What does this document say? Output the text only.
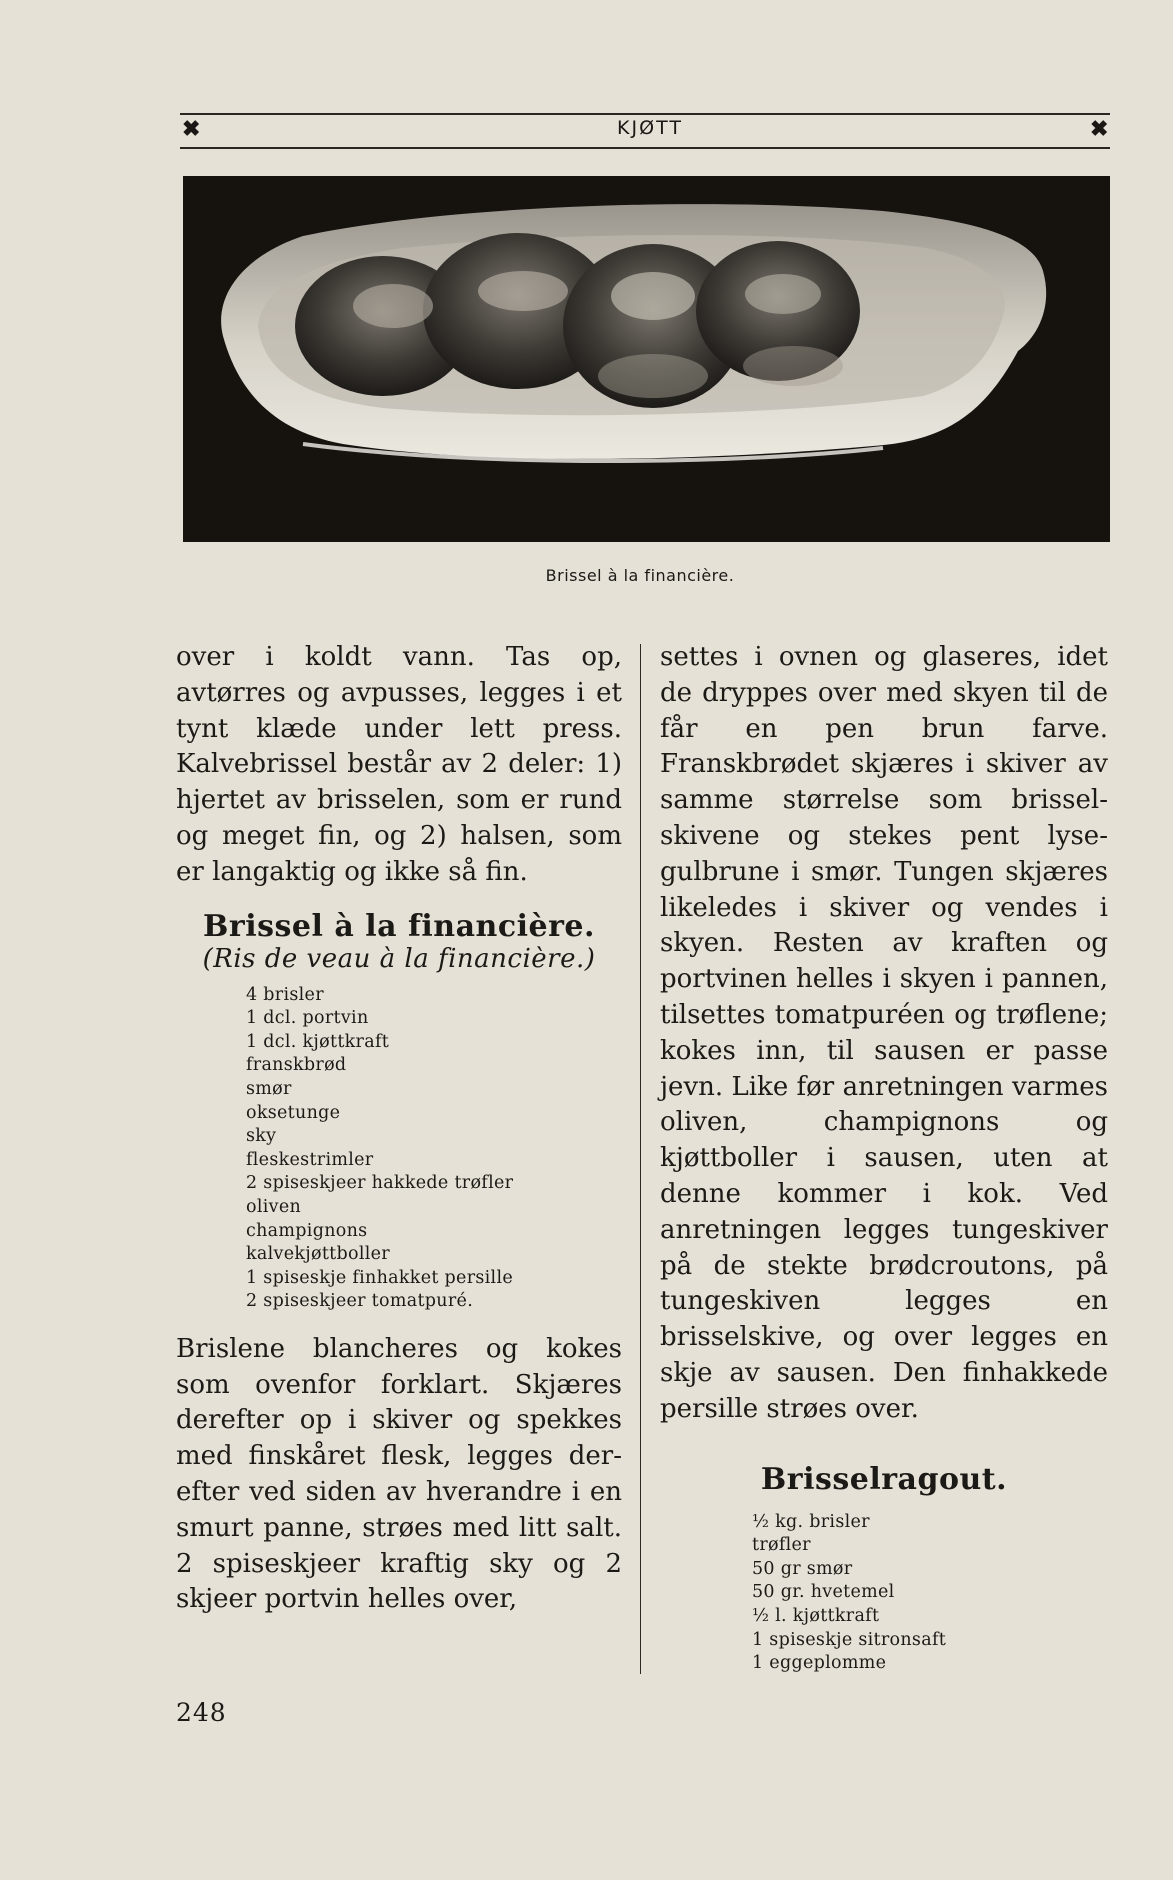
✖	KJØTT	✖
Brissel à la financière.

over i koldt vann. Tas op, avtørres og avpusses, legges i et tynt klæde under lett press. Kalvebrissel består av 2 deler: 1) hjertet av brisselen, som er rund og meget fin, og 2) halsen, som er langaktig og ikke så fin.

Brissel à la financière.

(Ris de veau à la financière.)

4 brisler
1 dcl. portvin
1 dcl. kjøttkraft
franskbrød
smør
oksetunge
sky
fleskestrimler
2 spiseskjeer hakkede trøfler
oliven
champignons
kalvekjøttboller
1 spiseskje finhakket persille
2 spiseskjeer tomatpuré.

Brislene blancheres og kokes som ovenfor forklart. Skjæres derefter op i skiver og spekkes med finskåret flesk, legges derefter ved siden av hverandre i en smurt panne, strøes med litt salt. 2 spiseskjeer kraftig sky og 2 skjeer portvin helles over,

settes i ovnen og glaseres, idet de dryppes over med skyen til de får en pen brun farve. Franskbrødet skjæres i skiver av samme størrelse som brisselskivene og stekes pent lysegulbrune i smør. Tungen skjæres likeledes i skiver og vendes i skyen. Resten av kraften og portvinen helles i skyen i pannen, tilsettes tomatpuréen og trøflene; kokes inn, til sausen er passe jevn. Like før anretningen varmes oliven, champignons og kjøttboller i sausen, uten at denne kommer i kok. Ved anretningen legges tungeskiver på de stekte brødcroutons, på tungeskiven legges en brisselskive, og over legges en skje av sausen. Den finhakkede persille strøes over.

Brisselragout.
½ kg. brisler
trøfler
50 gr smør
50 gr. hvetemel
½ l. kjøttkraft
1 spiseskje sitronsaft
1 eggeplomme
248
